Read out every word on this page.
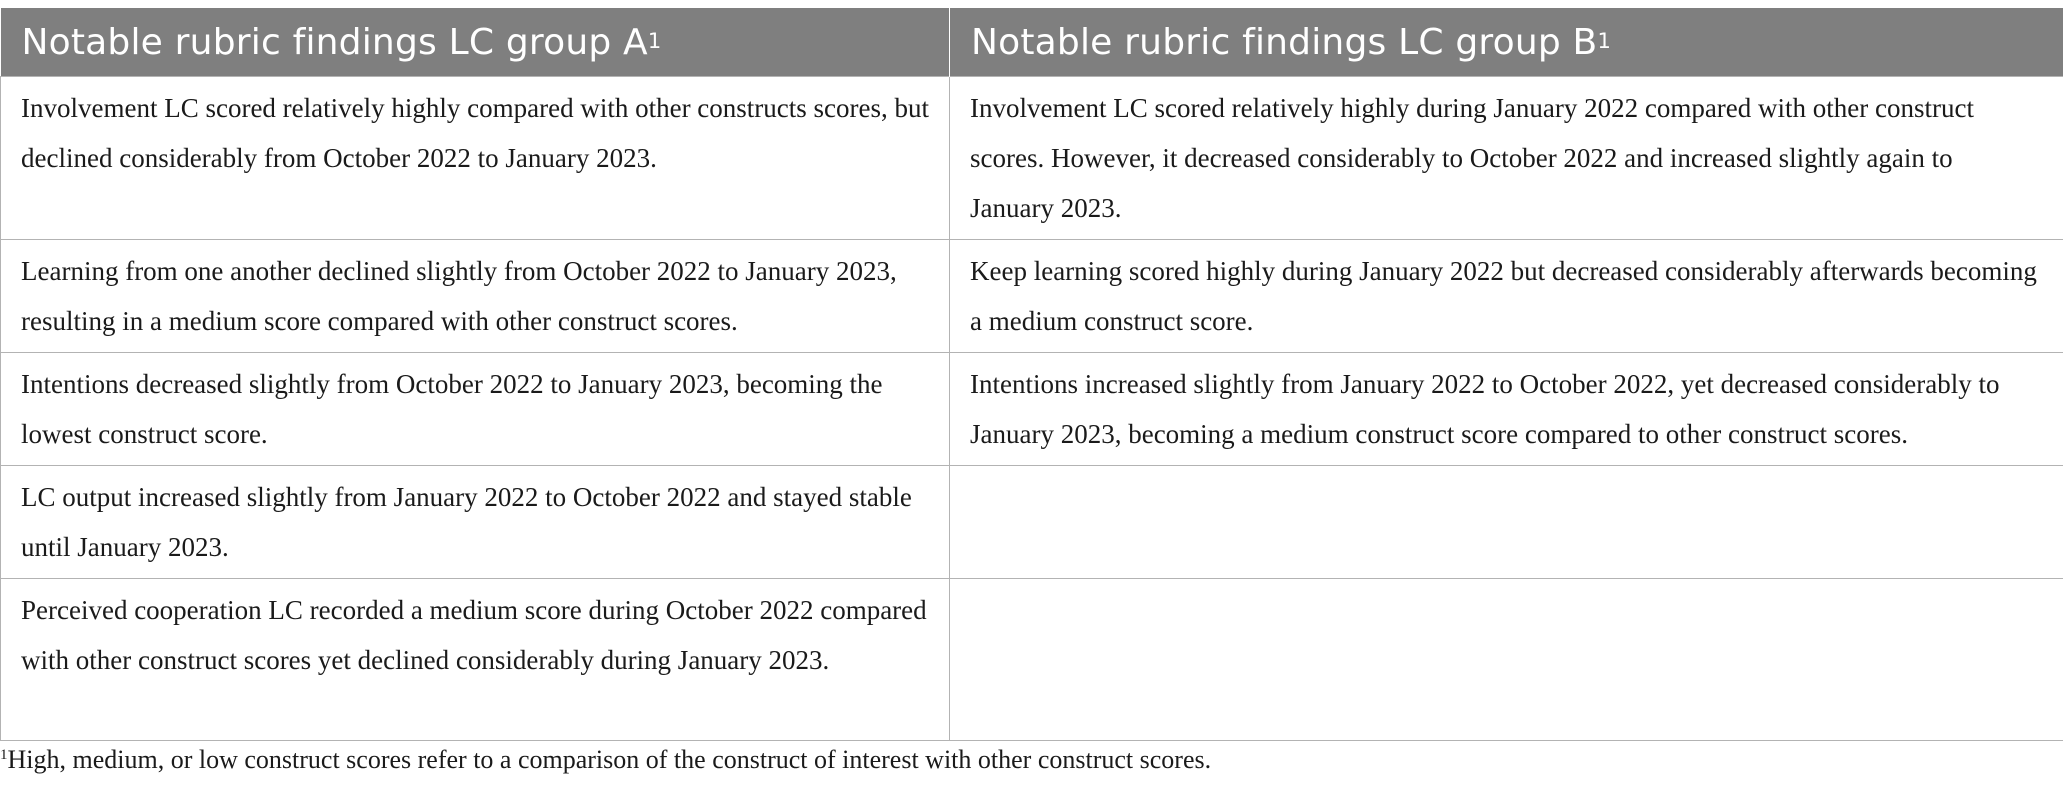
Notable rubric findings LC group $A^1$	Notable rubric findings LC group $B^1$
Involvement LC scored relatively highly compared with other constructs scores, but declined considerably from October 2022 to January 2023.	Involvement LC scored relatively highly during January 2022 compared with other construct scores. However, it decreased considerably to October 2022 and increased slightly again to January 2023.
Learning from one another declined slightly from October 2022 to January 2023, resulting in a medium score compared with other construct scores.	Keep learning scored highly during January 2022 but decreased considerably afterwards becoming a medium construct score.
Intentions decreased slightly from October 2022 to January 2023, becoming the lowest construct score.	Intentions increased slightly from January 2022 to October 2022, yet decreased considerably to January 2023, becoming a medium construct score compared to other construct scores.
LC output increased slightly from January 2022 to October 2022 and stayed stable until January 2023.	
Perceived cooperation LC recorded a medium score during October 2022 compared with other construct scores yet declined considerably during January 2023.	
$^1$High, medium, or low construct scores refer to a comparison of the construct of interest with other construct scores.
